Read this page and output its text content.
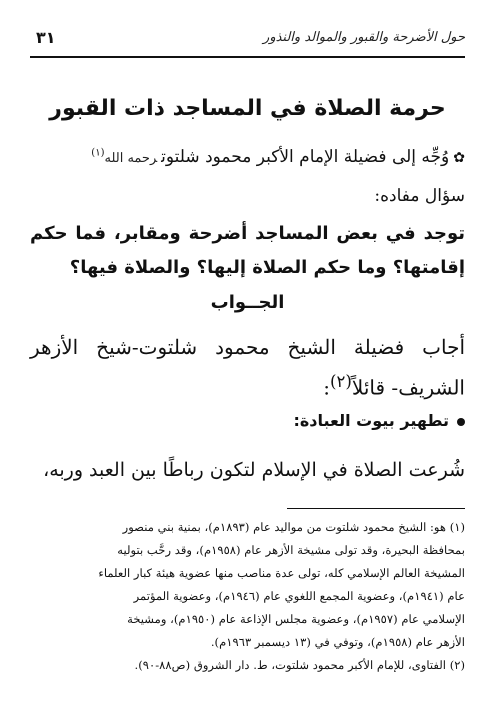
حول الأضرحة والقبور والموالد والنذور
٣١
حرمة الصلاة في المساجد ذات القبور
✿وُجِّه إلى فضيلة الإمام الأكبر محمود شلتوترحمه الله$^{(١)}$
سؤال مفاده:
توجد في بعض المساجد أضرحة ومقابر، فما حكم
إقامتها؟ وما حكم الصلاة إليها؟ والصلاة فيها؟
الجــواب
أجاب فضيلة الشيخ محمود شلتوت-شيخ الأزهر
الشريف- قائلاً$^{(٢)}$:
تطهير بيوت العبادة:
شُرعت الصلاة في الإسلام لتكون رباطًا بين العبد وربه،
(١) هو: الشيخ محمود شلتوت من مواليد عام (١٨٩٣م)، بمنية بني منصور
بمحافظة البحيرة، وقد تولى مشيخة الأزهر عام (١٩٥٨م)، وقد رحَّب بتوليه
المشيخة العالم الإسلامي كله، تولى عدة مناصب منها عضوية هيئة كبار العلماء
عام (١٩٤١م)، وعضوية المجمع اللغوي عام (١٩٤٦م)، وعضوية المؤتمر
الإسلامي عام (١٩٥٧م)، وعضوية مجلس الإذاعة عام (١٩٥٠م)، ومشيخة
الأزهر عام (١٩٥٨م)، وتوفي في (١٣ ديسمبر ١٩٦٣م).
(٢) الفتاوى، للإمام الأكبر محمود شلتوت، ط. دار الشروق (ص٨٨-٩٠).
